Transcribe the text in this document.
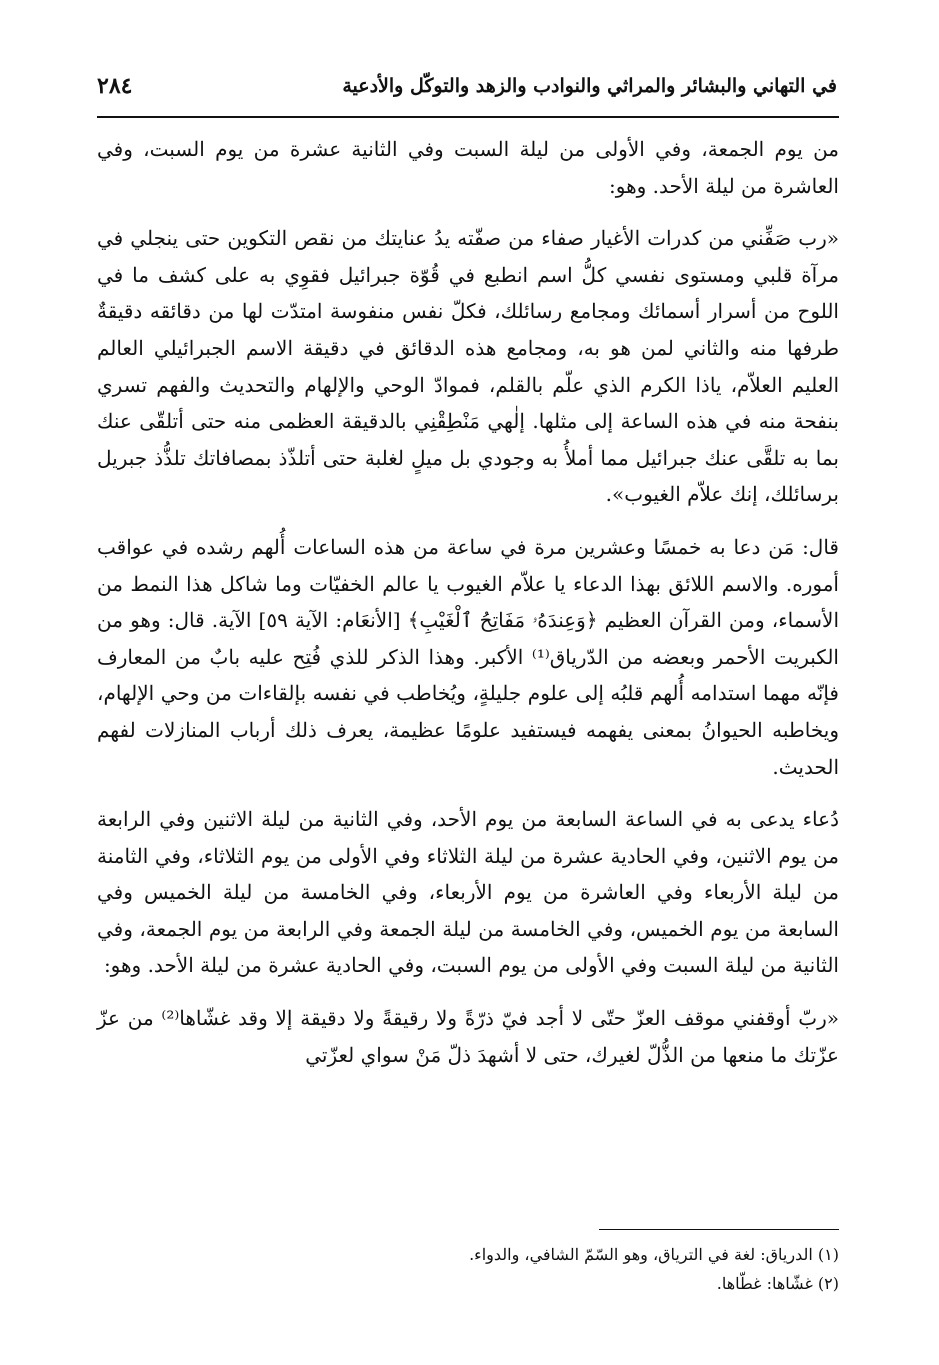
في التهاني والبشائر والمراثي والنوادب والزهد والتوكّل والأدعية
٢٨٤

من يوم الجمعة، وفي الأولى من ليلة السبت وفي الثانية عشرة من يوم السبت، وفي العاشرة من ليلة الأحد. وهو:

«رب صَفِّني من كدرات الأغيار صفاء من صفّته يدُ عنايتك من نقص التكوين حتى ينجلي في مرآة قلبي ومستوى نفسي كلُّ اسم انطبع في قُوّة جبرائيل فقوِي به على كشف ما في اللوح من أسرار أسمائك ومجامع رسائلك، فكلّ نفس منفوسة امتدّت لها من دقائقه دقيقةٌ طرفها منه والثاني لمن هو به، ومجامع هذه الدقائق في دقيقة الاسم الجبرائيلي العالم العليم العلاّم، ياذا الكرم الذي علّم بالقلم، فموادّ الوحي والإلهام والتحديث والفهم تسري بنفحة منه في هذه الساعة إلى مثلها. إلٰهي مَنْطِقْنِي بالدقيقة العظمى منه حتى أتلقّى عنك بما به تلقَّى عنك جبرائيل مما أملأُ به وجودي بل ميلٍ لغلبة حتى أتلذّذ بمصافاتك تلذُّذ جبريل برسائلك، إنك علاّم الغيوب».

قال: مَن دعا به خمسًا وعشرين مرة في ساعة من هذه الساعات أُلهم رشده في عواقب أموره. والاسم اللائق بهذا الدعاء يا علاّم الغيوب يا عالم الخفيّات وما شاكل هذا النمط من الأسماء، ومن القرآن العظيم ﴿وَعِندَهُۥ مَفَاتِحُ ٱلْغَيْبِ﴾ [الأنعَام: الآية ٥٩] الآية. قال: وهو من الكبريت الأحمر وبعضه من الدّرياق⁽¹⁾ الأكبر. وهذا الذكر للذي فُتِح عليه بابٌ من المعارف فإنّه مهما استدامه أُلهم قلبُه إلى علوم جليلةٍ، ويُخاطب في نفسه بإلقاءات من وحي الإلهام، ويخاطبه الحيوانُ بمعنى يفهمه فيستفيد علومًا عظيمة، يعرف ذلك أرباب المنازلات لفهم الحديث.

دُعاء يدعى به في الساعة السابعة من يوم الأحد، وفي الثانية من ليلة الاثنين وفي الرابعة من يوم الاثنين، وفي الحادية عشرة من ليلة الثلاثاء وفي الأولى من يوم الثلاثاء، وفي الثامنة من ليلة الأربعاء وفي العاشرة من يوم الأربعاء، وفي الخامسة من ليلة الخميس وفي السابعة من يوم الخميس، وفي الخامسة من ليلة الجمعة وفي الرابعة من يوم الجمعة، وفي الثانية من ليلة السبت وفي الأولى من يوم السبت، وفي الحادية عشرة من ليلة الأحد. وهو:

«ربّ أوقفني موقف العزّ حتّى لا أجد فيّ ذرّةً ولا رقيقةً ولا دقيقة إلا وقد غشّاها⁽²⁾ من عزّ عزّتك ما منعها من الذُّلّ لغيرك، حتى لا أشهدَ ذلّ مَنْ سواي لعزّتي

(١) الدرياق: لغة في الترياق، وهو السّمّ الشافي، والدواء.

(٢) غشّاها: غطّاها.
